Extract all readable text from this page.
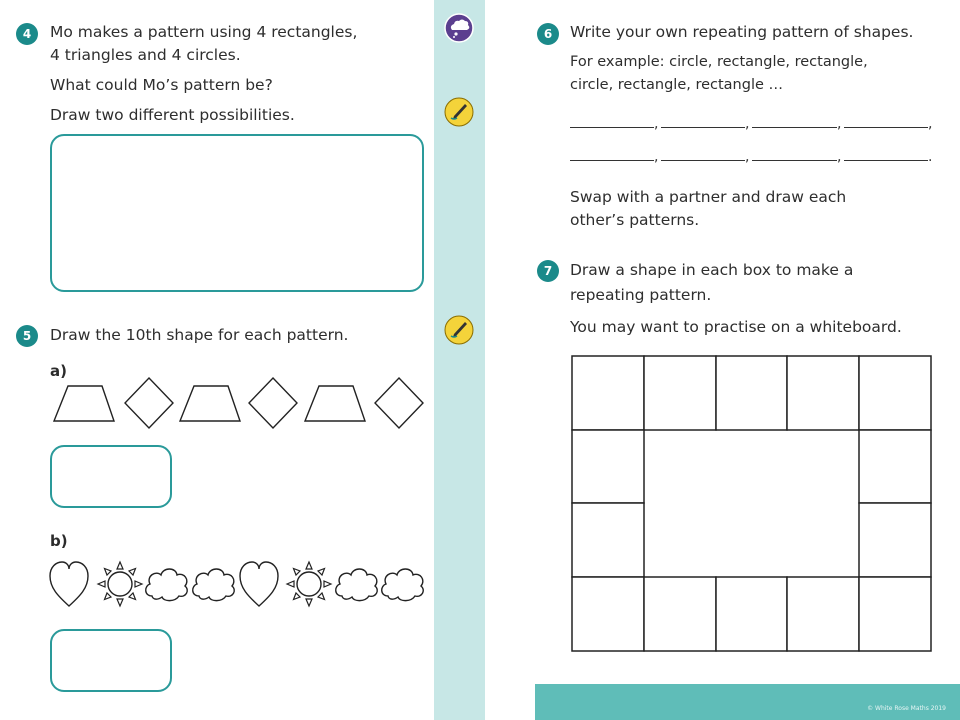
4	Mo makes a pattern using 4 rectangles,
4 triangles and 4 circles.
What could Mo’s pattern be?
Draw two different possibilities.
5	Draw the 10th shape for each pattern.
a)
b)
6	Write your own repeating pattern of shapes.
For example: circle, rectangle, rectangle,
circle, rectangle, rectangle …
,	,	,	,
,	,	,	.
Swap with a partner and draw each
other’s patterns.
7	Draw a shape in each box to make a
repeating pattern.
You may want to practise on a whiteboard.
© White Rose Maths 2019
